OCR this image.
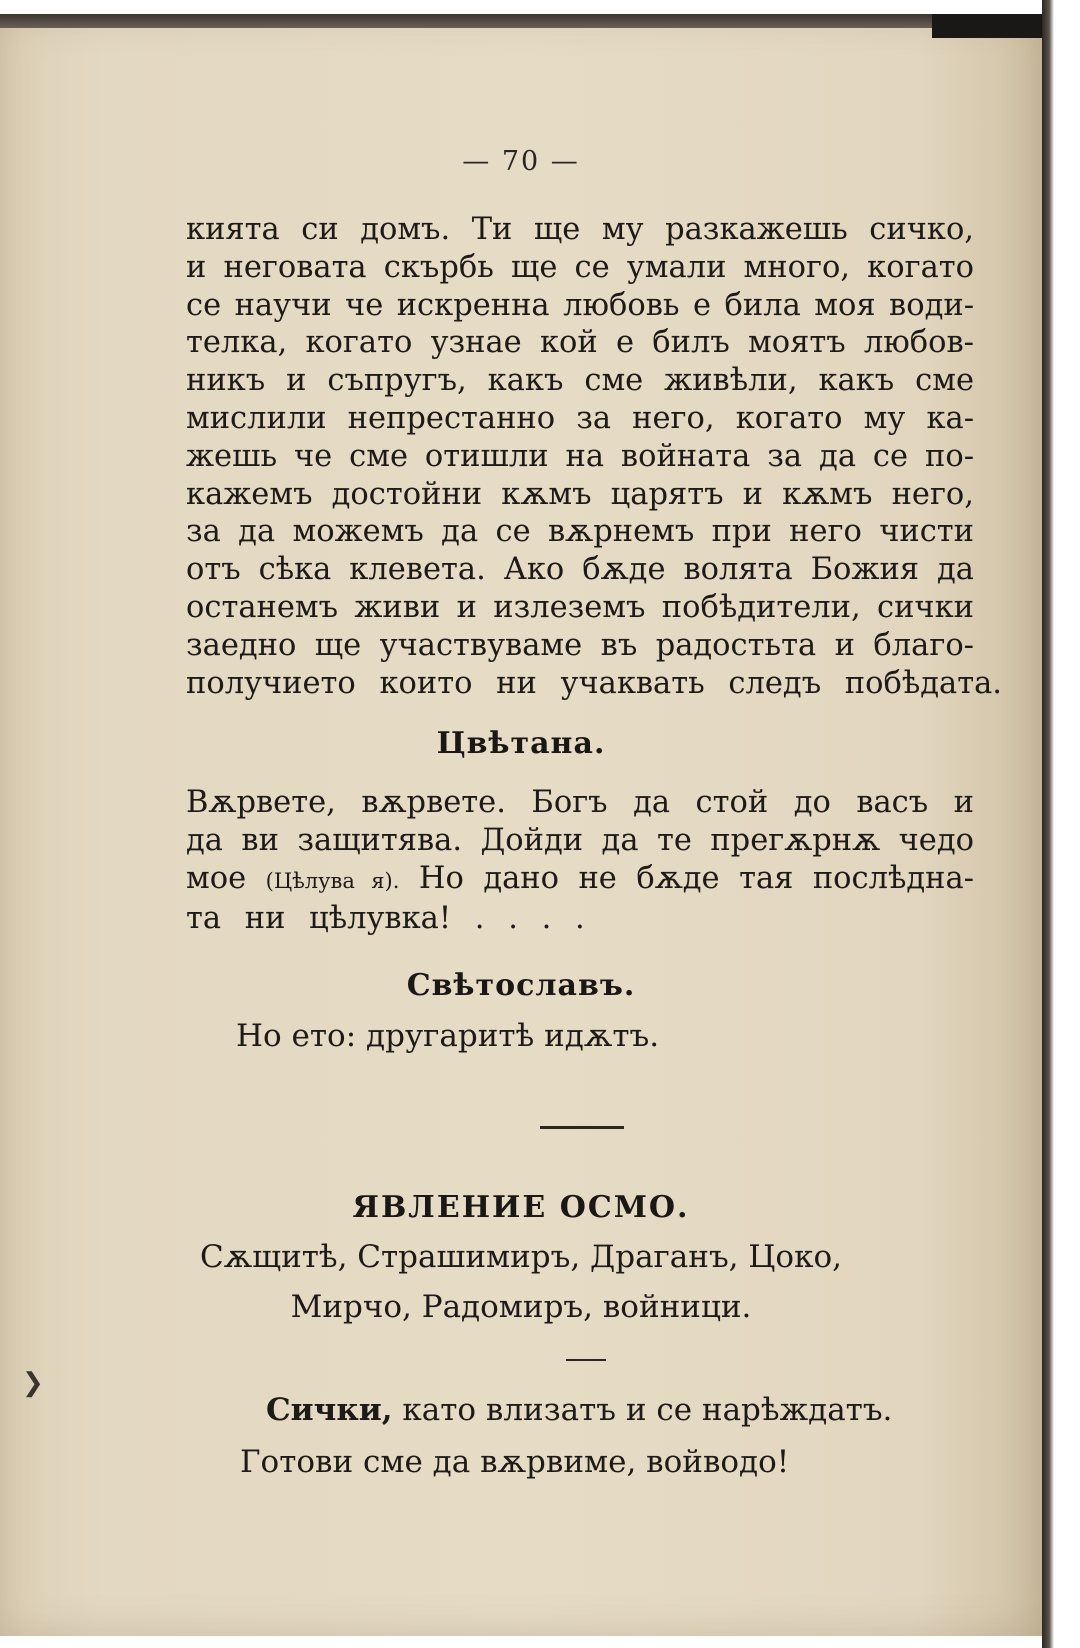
— 70 —
кията си домъ. Ти ще му разкажешь сичко,
и неговата скърбь ще се умали много, когато
се научи че искренна любовь е била моя води-
телка, когато узнае кой е билъ моятъ любов-
никъ и съпругъ, какъ сме живѣли, какъ сме
мислили непрестанно за него, когато му ка-
жешь че сме отишли на войната за да се по-
кажемъ достойни кѫмъ царятъ и кѫмъ него,
за да можемъ да се вѫрнемъ при него чисти
отъ сѣка клевета. Ако бѫде волята Божия да
останемъ живи и излеземъ побѣдители, сички
заедно ще участвуваме въ радостьта и благо-
получието които ни учаквать следъ побѣдата.
Цвѣтана.
Вѫрвете, вѫрвете. Богъ да стой до васъ и
да ви защитява. Дойди да те прегѫрнѫ чедо
мое (Цѣлува я). Но дано не бѫде тая послѣдна-
та ни цѣлувка! . . . .
Свѣтославъ.
Но ето: другаритѣ идѫтъ.
ЯВЛЕНИЕ ОСМО.
Сѫщитѣ, Страшимиръ, Драганъ, Цоко,
Мирчо, Радомиръ, войници.
Сички, като влизатъ и се нарѣждатъ.
Готови сме да вѫрвиме, войводо!
❯
